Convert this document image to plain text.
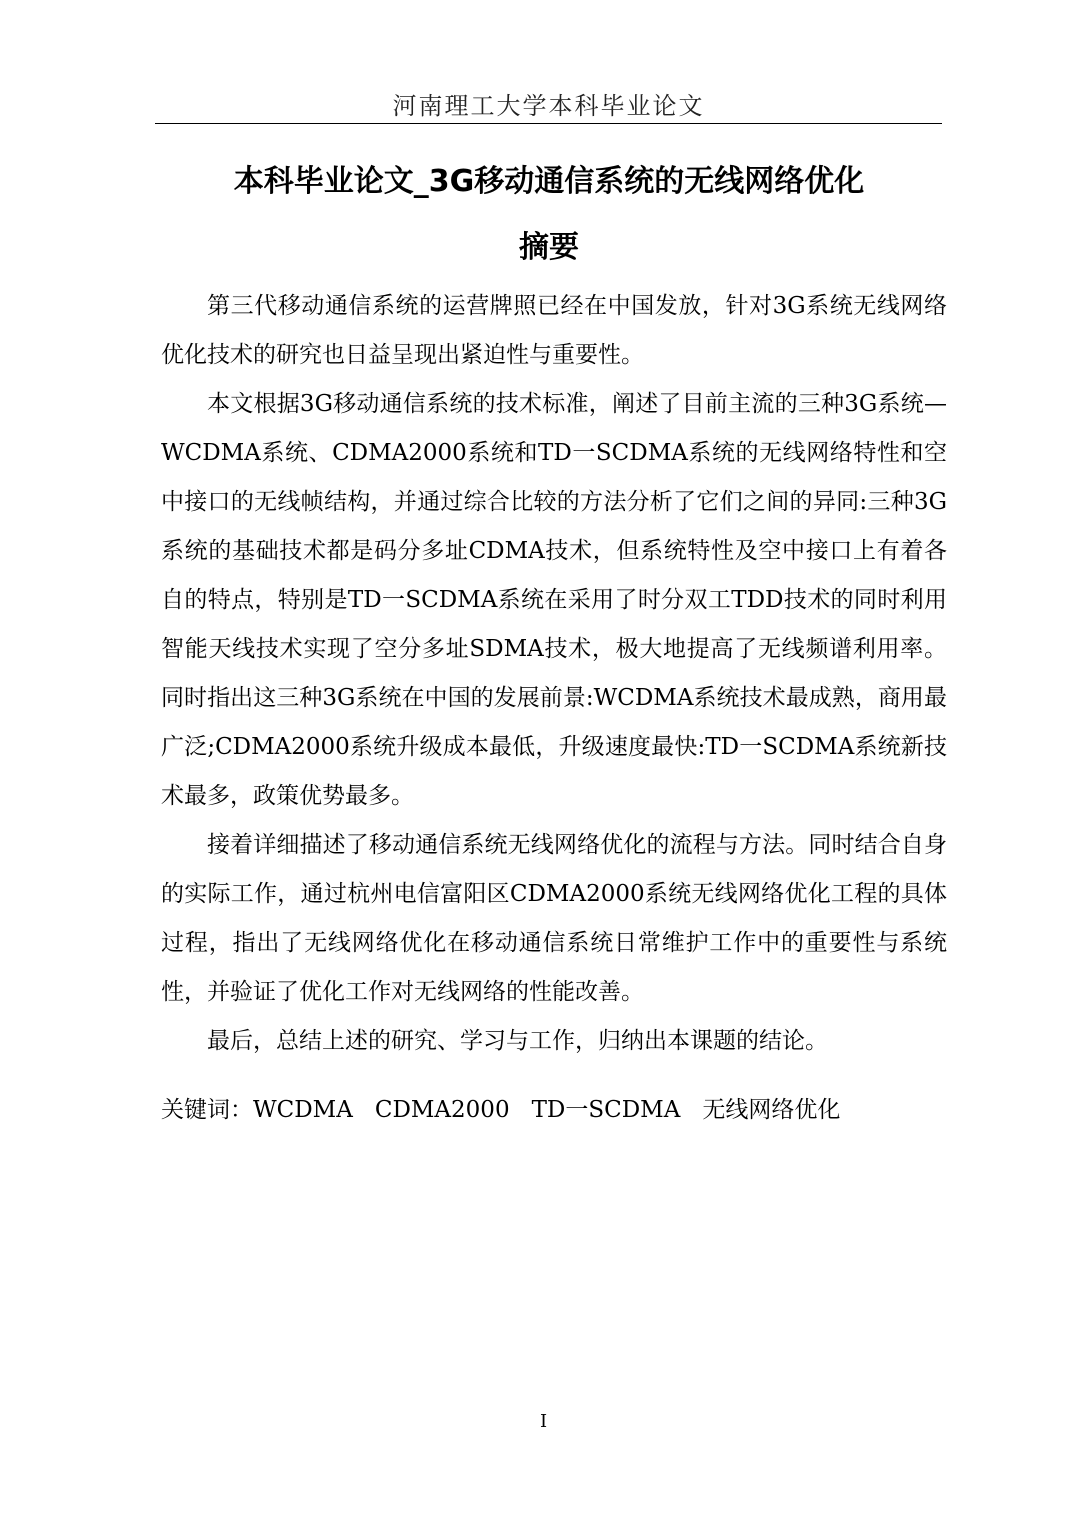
河南理工大学本科毕业论文
本科毕业论文_3G移动通信系统的无线网络优化
摘要

第三代移动通信系统的运营牌照已经在中国发放，针对3G系统无线网络优化技术的研究也日益呈现出紧迫性与重要性。

本文根据3G移动通信系统的技术标准，阐述了目前主流的三种3G系统—WCDMA系统、CDMA2000系统和TD一SCDMA系统的无线网络特性和空中接口的无线帧结构，并通过综合比较的方法分析了它们之间的异同:三种3G系统的基础技术都是码分多址CDMA技术，但系统特性及空中接口上有着各自的特点，特别是TD一SCDMA系统在采用了时分双工TDD技术的同时利用智能天线技术实现了空分多址SDMA技术，极大地提高了无线频谱利用率。同时指出这三种3G系统在中国的发展前景:WCDMA系统技术最成熟，商用最广泛;CDMA2000系统升级成本最低，升级速度最快:TD一SCDMA系统新技术最多，政策优势最多。

接着详细描述了移动通信系统无线网络优化的流程与方法。同时结合自身的实际工作，通过杭州电信富阳区CDMA2000系统无线网络优化工程的具体过程，指出了无线网络优化在移动通信系统日常维护工作中的重要性与系统性，并验证了优化工作对无线网络的性能改善。

最后，总结上述的研究、学习与工作，归纳出本课题的结论。

关键词：WCDMA CDMA2000 TD一SCDMA 无线网络优化
I
